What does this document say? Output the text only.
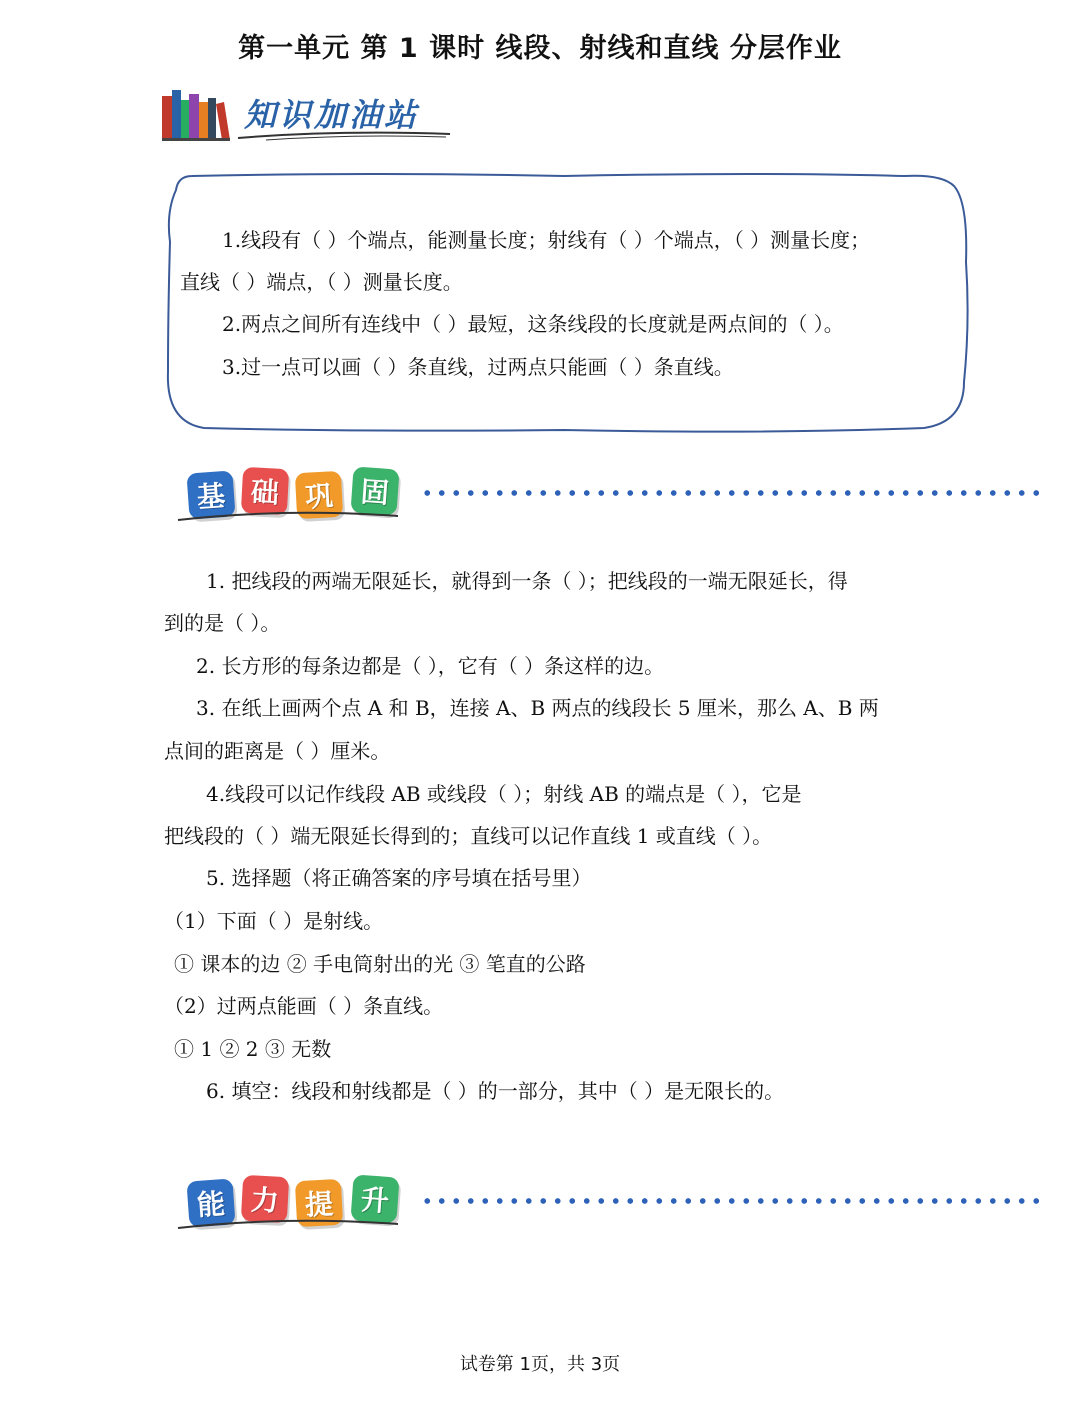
第一单元 第 1 课时 线段、射线和直线 分层作业
知识加油站
1.线段有（ ）个端点，能测量长度；射线有（ ）个端点，（ ）测量长度；
直线（ ）端点，（ ）测量长度。
2.两点之间所有连线中（ ）最短，这条线段的长度就是两点间的（ ）。
3.过一点可以画（ ）条直线，过两点只能画（ ）条直线。
基 础 巩 固
1. 把线段的两端无限延长，就得到一条（ ）；把线段的一端无限延长，得
到的是（ ）。
2. 长方形的每条边都是（ ），它有（ ）条这样的边。
3. 在纸上画两个点 A 和 B，连接 A、B 两点的线段长 5 厘米，那么 A、B 两
点间的距离是（ ）厘米。
4.线段可以记作线段 AB 或线段（ ）；射线 AB 的端点是（ ），它是
把线段的（ ）端无限延长得到的；直线可以记作直线 1 或直线（ ）。
5. 选择题（将正确答案的序号填在括号里）
（1）下面（ ）是射线。
① 课本的边 ② 手电筒射出的光 ③ 笔直的公路
（2）过两点能画（ ）条直线。
① 1 ② 2 ③ 无数
6. 填空：线段和射线都是（ ）的一部分，其中（ ）是无限长的。
能 力 提 升
试卷第 1页，共 3页
